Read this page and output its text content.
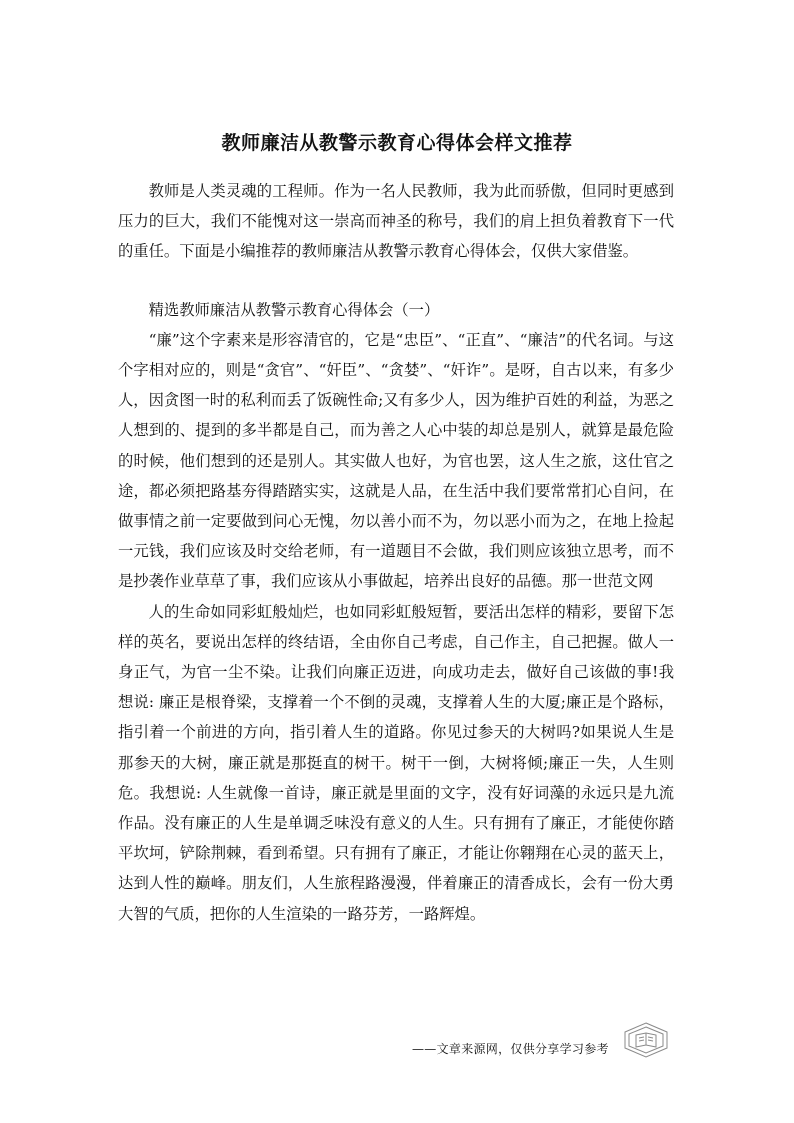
教师廉洁从教警示教育心得体会样文推荐

教师是人类灵魂的工程师。作为一名人民教师，我为此而骄傲，但同时更感到压力的巨大，我们不能愧对这一崇高而神圣的称号，我们的肩上担负着教育下一代的重任。下面是小编推荐的教师廉洁从教警示教育心得体会，仅供大家借鉴。

精选教师廉洁从教警示教育心得体会（一）

“廉”这个字素来是形容清官的，它是“忠臣”、“正直”、“廉洁”的代名词。与这个字相对应的，则是“贪官”、“奸臣”、“贪婪”、“奸诈”。是呀，自古以来，有多少人，因贪图一时的私利而丢了饭碗性命;又有多少人，因为维护百姓的利益，为恶之人想到的、提到的多半都是自己，而为善之人心中装的却总是别人，就算是最危险的时候，他们想到的还是别人。其实做人也好，为官也罢，这人生之旅，这仕官之途，都必须把路基夯得踏踏实实，这就是人品，在生活中我们要常常扪心自问，在做事情之前一定要做到问心无愧，勿以善小而不为，勿以恶小而为之，在地上捡起一元钱，我们应该及时交给老师，有一道题目不会做，我们则应该独立思考，而不是抄袭作业草草了事，我们应该从小事做起，培养出良好的品德。那一世范文网

人的生命如同彩虹般灿烂，也如同彩虹般短暂，要活出怎样的精彩，要留下怎样的英名，要说出怎样的终结语，全由你自己考虑，自己作主，自己把握。做人一身正气，为官一尘不染。让我们向廉正迈进，向成功走去，做好自己该做的事!我想说: 廉正是根脊梁，支撑着一个不倒的灵魂，支撑着人生的大厦;廉正是个路标，指引着一个前进的方向，指引着人生的道路。你见过参天的大树吗?如果说人生是那参天的大树，廉正就是那挺直的树干。树干一倒，大树将倾;廉正一失，人生则危。我想说: 人生就像一首诗，廉正就是里面的文字，没有好词藻的永远只是九流作品。没有廉正的人生是单调乏味没有意义的人生。只有拥有了廉正，才能使你踏平坎坷，铲除荆棘，看到希望。只有拥有了廉正，才能让你翱翔在心灵的蓝天上，达到人性的巅峰。朋友们，人生旅程路漫漫，伴着廉正的清香成长，会有一份大勇大智的气质，把你的人生渲染的一路芬芳，一路辉煌。

——文章来源网，仅供分享学习参考
